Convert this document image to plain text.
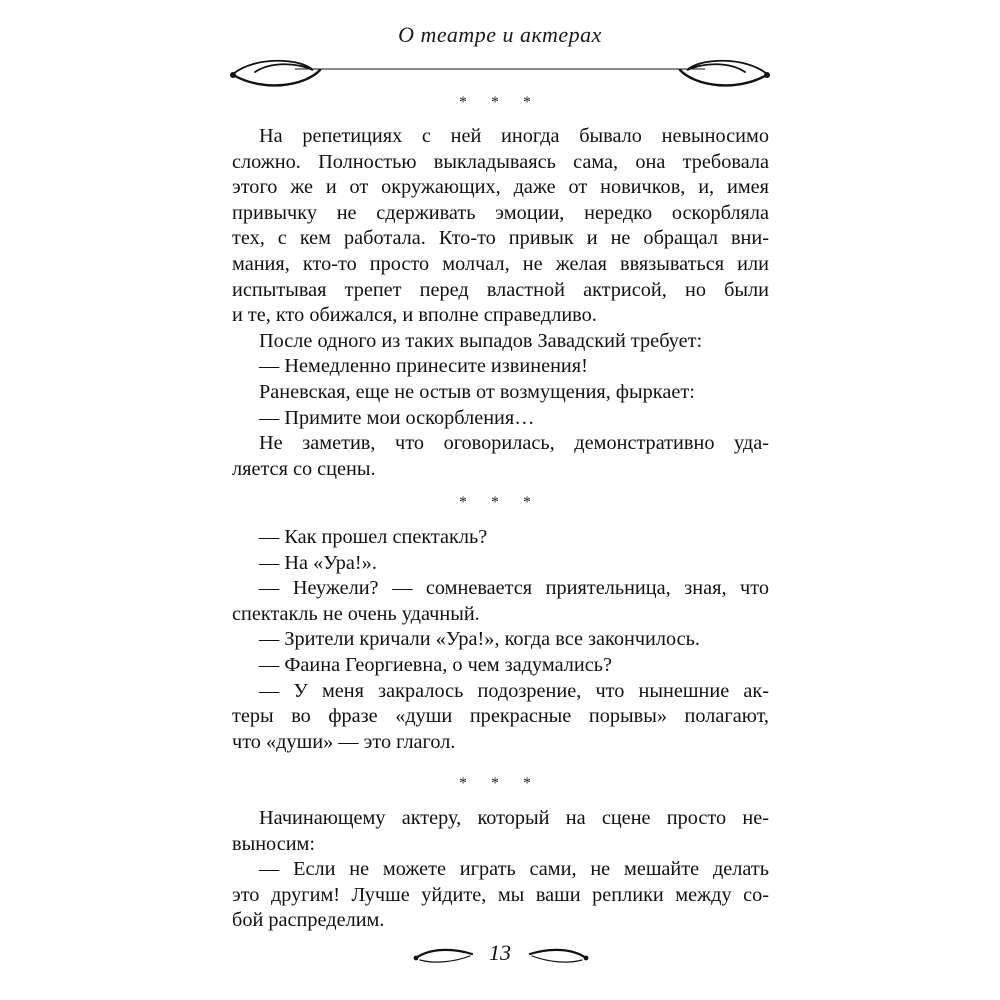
О театре и актерах
* * *
На репетициях с ней иногда бывало невыносимо
сложно. Полностью выкладываясь сама, она требовала
этого же и от окружающих, даже от новичков, и, имея
привычку не сдерживать эмоции, нередко оскорбляла
тех, с кем работала. Кто-то привык и не обращал вни-
мания, кто-то просто молчал, не желая ввязываться или
испытывая трепет перед властной актрисой, но были
и те, кто обижался, и вполне справедливо.
После одного из таких выпадов Завадский требует:
— Немедленно принесите извинения!
Раневская, еще не остыв от возмущения, фыркает:
— Примите мои оскорбления…
Не заметив, что оговорилась, демонстративно уда-
ляется со сцены.
* * *
— Как прошел спектакль?
— На «Ура!».
— Неужели? — сомневается приятельница, зная, что
спектакль не очень удачный.
— Зрители кричали «Ура!», когда все закончилось.
— Фаина Георгиевна, о чем задумались?
— У меня закралось подозрение, что нынешние ак-
теры во фразе «души прекрасные порывы» полагают,
что «души» — это глагол.
* * *
Начинающему актеру, который на сцене просто не-
выносим:
— Если не можете играть сами, не мешайте делать
это другим! Лучше уйдите, мы ваши реплики между со-
бой распределим.
13
